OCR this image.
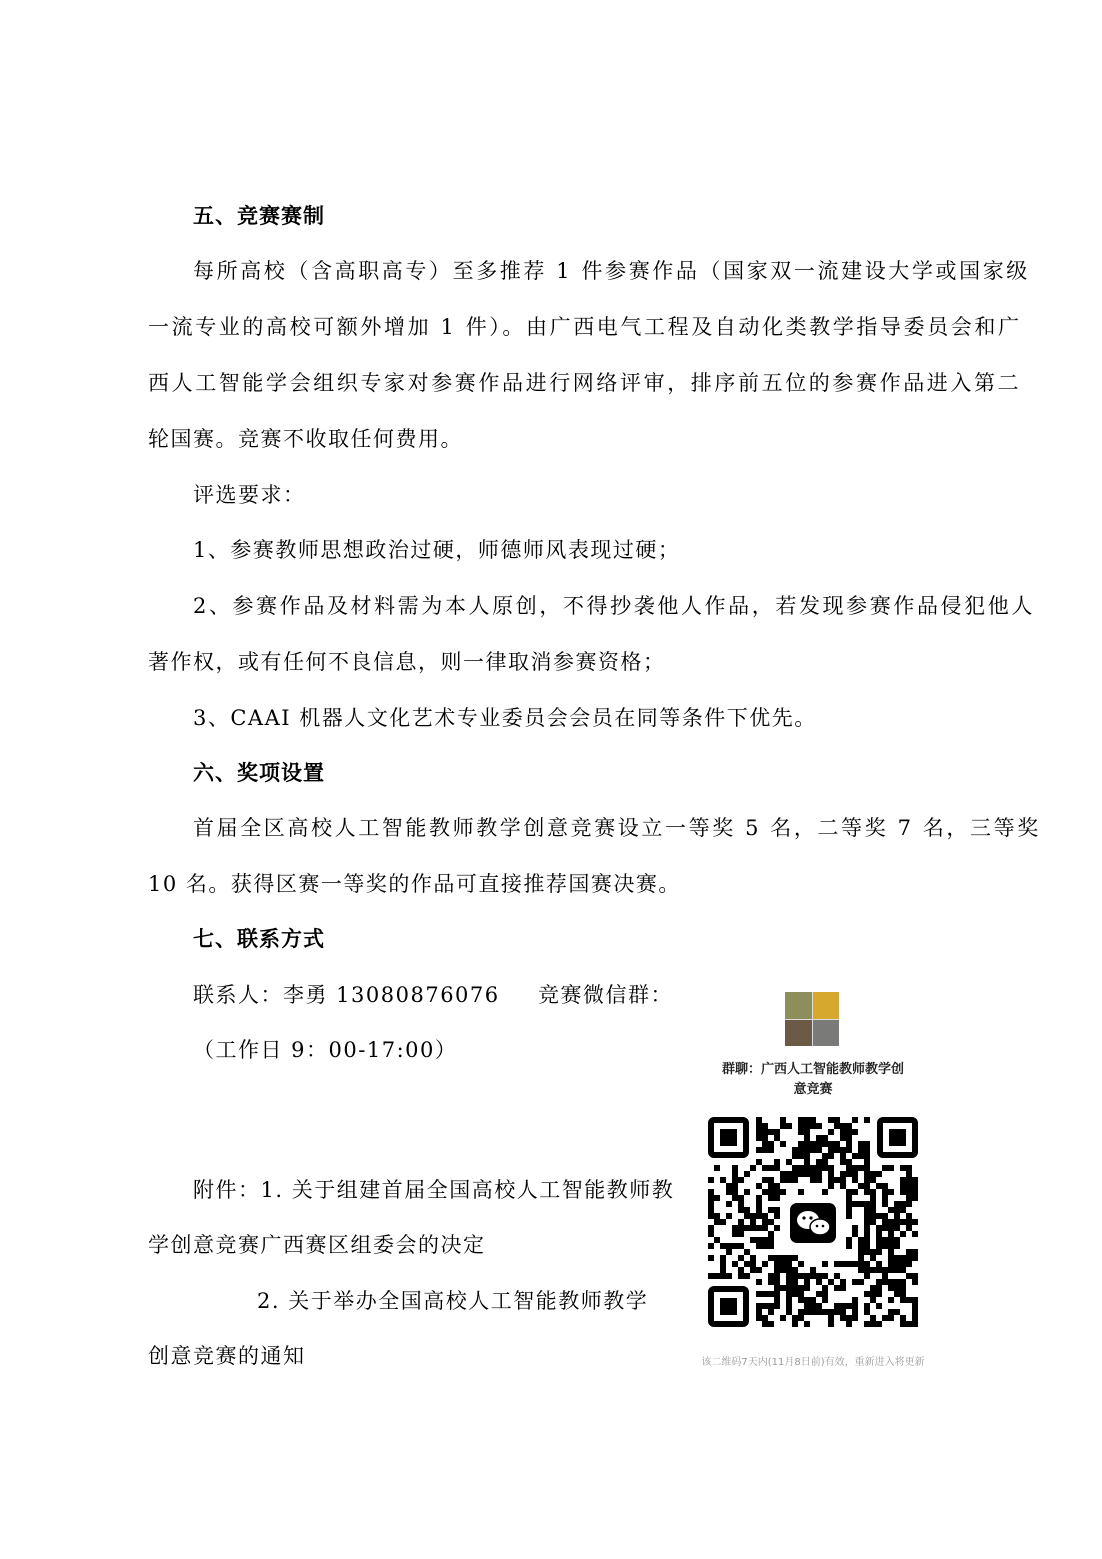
五、竞赛赛制
每所高校（含高职高专）至多推荐 1 件参赛作品（国家双一流建设大学或国家级
一流专业的高校可额外增加 1 件）。由广西电气工程及自动化类教学指导委员会和广
西人工智能学会组织专家对参赛作品进行网络评审，排序前五位的参赛作品进入第二
轮国赛。竞赛不收取任何费用。
评选要求：
1、参赛教师思想政治过硬，师德师风表现过硬；
2、参赛作品及材料需为本人原创，不得抄袭他人作品，若发现参赛作品侵犯他人
著作权，或有任何不良信息，则一律取消参赛资格；
3、CAAI 机器人文化艺术专业委员会会员在同等条件下优先。
六、奖项设置
首届全区高校人工智能教师教学创意竞赛设立一等奖 5 名，二等奖 7 名，三等奖
10 名。获得区赛一等奖的作品可直接推荐国赛决赛。
七、联系方式
联系人：李勇 13080876076 竞赛微信群：
（工作日 9：00-17:00）
附件：1. 关于组建首届全国高校人工智能教师教
学创意竞赛广西赛区组委会的决定
2. 关于举办全国高校人工智能教师教学
创意竞赛的通知
群聊：广西人工智能教师教学创
意竞赛
该二维码7天内(11月8日前)有效，重新进入将更新
